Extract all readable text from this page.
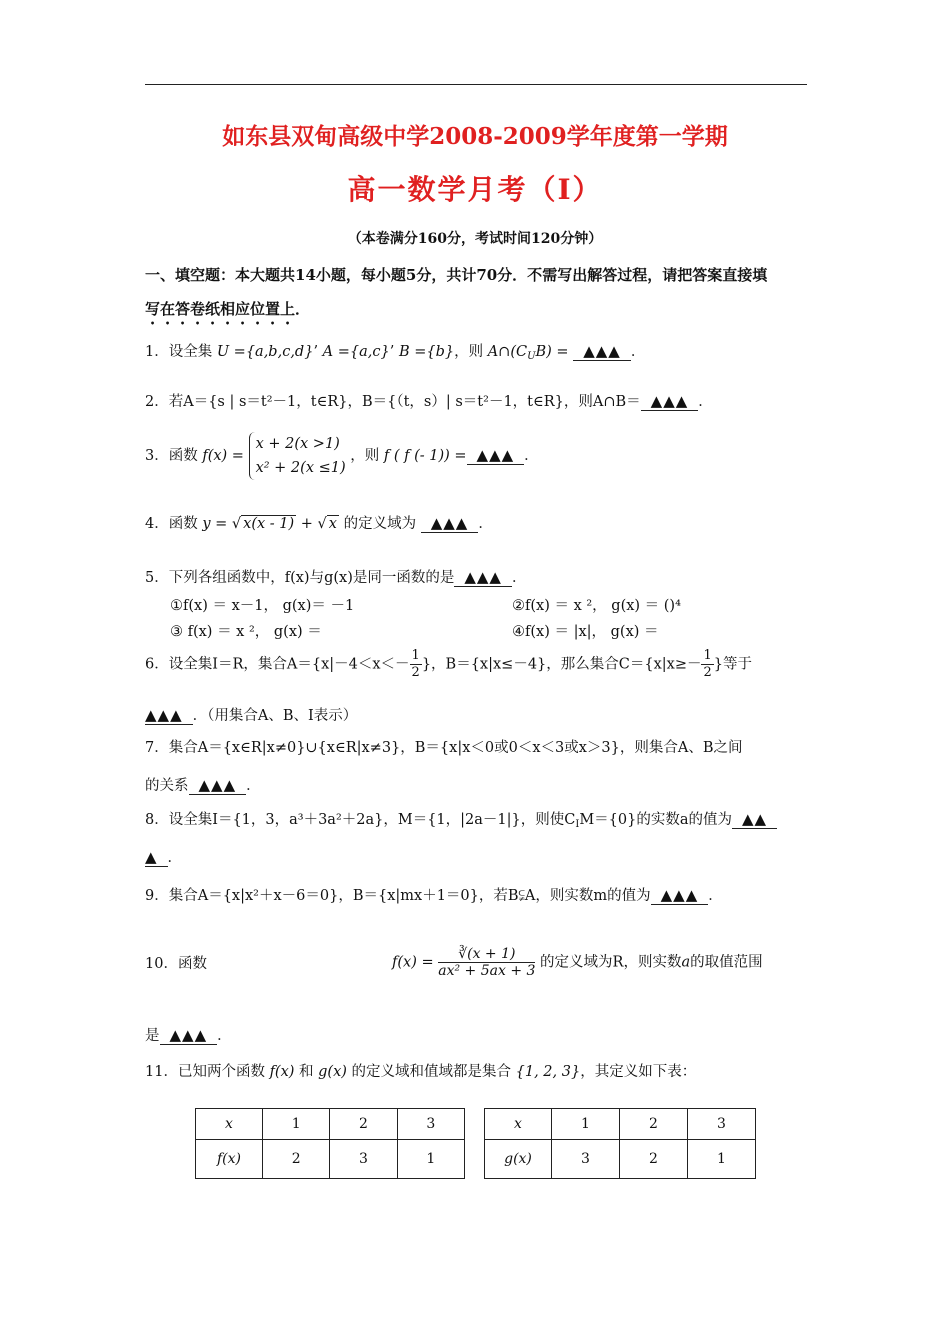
如东县双甸高级中学2008-2009学年度第一学期
高一数学月考（Ⅰ）
（本卷满分160分，考试时间120分钟）
一、填空题：本大题共14小题，每小题5分，共计70分．不需写出解答过程，请把答案直接填
写在答卷纸相应位置上．
1．设全集 U ={a,b,c,d}’ A ={a,c}’ B ={b}，则 $A\cap(C_UB)$ = ▲▲▲ ．
2．若A＝{s | s＝t²－1，t∈R}，B＝{（t，s）| s＝t²－1，t∈R}，则A∩B＝ ▲▲▲ ．
3．函数 f(x) =
x + 2(x >1)
x² + 2(x ≤1)
，则 f ( f (- 1)) = ▲▲▲ ．
4．函数 y = √ x(x - 1) + √ x 的定义域为 ▲▲▲ ．
5．下列各组函数中，f(x)与g(x)是同一函数的是 ▲▲▲ ．
①f(x) ＝ x－1， g(x)＝ －1	②f(x) ＝ x ²， g(x) ＝ ()⁴
③ f(x) ＝ x ²， g(x) ＝	④f(x) ＝ |x|， g(x) ＝
6．设全集I＝R，集合$A=\{x|-4<x<- \frac{1}{2}$ }，B＝{x|x≤－4}，那么集合$C=\{x|x\ge- \frac{1}{2}$ }等于
▲▲▲ ．（用集合A、B、I表示）
7．集合A＝{x∈R|x≠0}∪{x∈R|x≠3}，B＝{x|x＜0或0＜x＜3或x＞3}，则集合A、B之间
的关系 ▲▲▲ ．
8．设全集I＝{1，3，a³＋3a²＋2a}，M＝{1，|2a－1|}，则使$C_IM=\{0\}$的实数a的值为 ▲▲
▲ ．
9．集合A＝{x|x²＋x－6＝0}，B＝{x|mx＋1＝0}，若B⫋A，则实数m的值为 ▲▲▲ ．
10．函数	$f(x) = \frac{∛(x + 1)}{\text{ax² + 5ax + 3}}$ 的定义域为R，则实数a的取值范围
是 ▲▲▲ ．
11．已知两个函数 f(x) 和 g(x) 的定义域和值域都是集合 {1, 2, 3}，其定义如下表：
x	1	2	3
f(x)	2	3	1
x	1	2	3
g(x)	3	2	1
